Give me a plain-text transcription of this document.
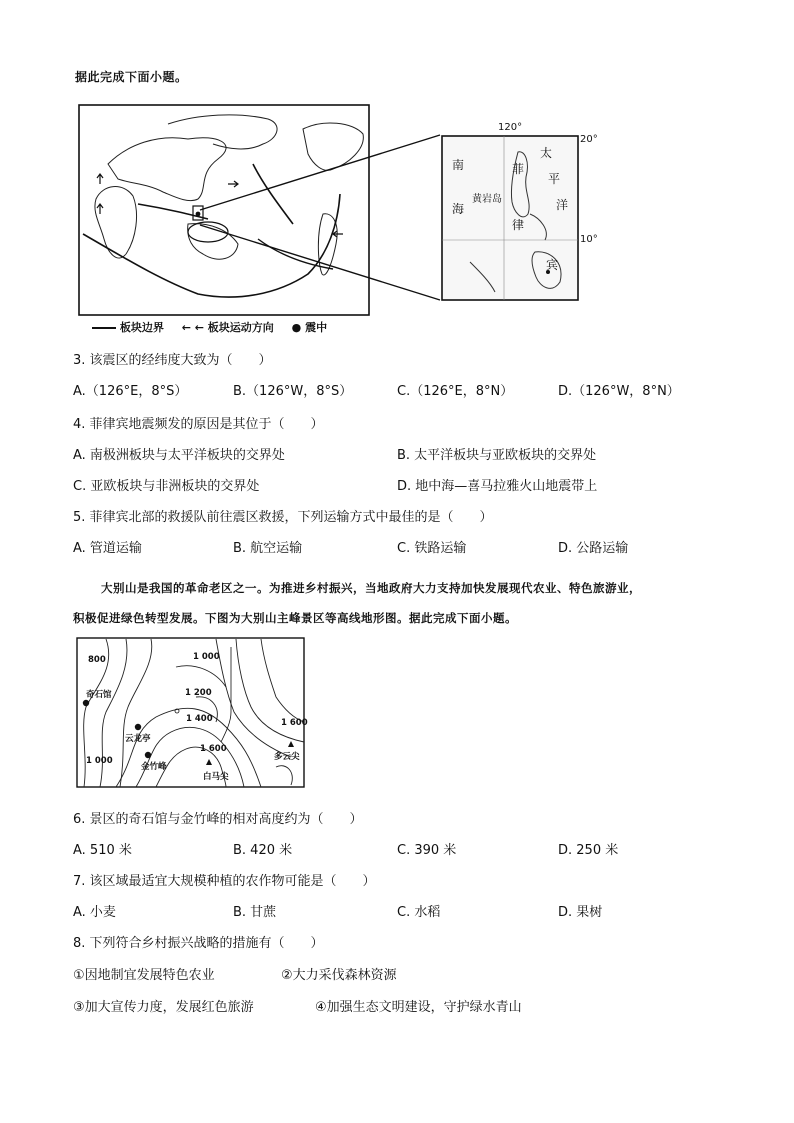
据此完成下面小题。
120°
20°
10°
南
海
黄岩岛
菲
律
宾
太
平
洋
板块边界 ← ← 板块运动方向 ● 震中
3. 该震区的经纬度大致为（　　）
A.（126°E，8°S）	B.（126°W，8°S）	C.（126°E，8°N）	D.（126°W，8°N）
4. 菲律宾地震频发的原因是其位于（　　）
A. 南极洲板块与太平洋板块的交界处	B. 太平洋板块与亚欧板块的交界处
C. 亚欧板块与非洲板块的交界处	D. 地中海—喜马拉雅火山地震带上
5. 菲律宾北部的救援队前往震区救援，下列运输方式中最佳的是（　　）
A. 管道运输	B. 航空运输	C. 铁路运输	D. 公路运输
大别山是我国的革命老区之一。为推进乡村振兴，当地政府大力支持加快发展现代农业、特色旅游业，
积极促进绿色转型发展。下图为大别山主峰景区等高线地形图。据此完成下面小题。
800	1 000
1 200
1 400
1 600
1 000
1 600
奇石馆
云龙亭
金竹峰
白马尖
多云尖
6. 景区的奇石馆与金竹峰的相对高度约为（　　）
A. 510 米	B. 420 米	C. 390 米	D. 250 米
7. 该区域最适宜大规模种植的农作物可能是（　　）
A. 小麦	B. 甘蔗	C. 水稻	D. 果树
8. 下列符合乡村振兴战略的措施有（　　）
①因地制宜发展特色农业	②大力采伐森林资源
③加大宣传力度，发展红色旅游	④加强生态文明建设，守护绿水青山
